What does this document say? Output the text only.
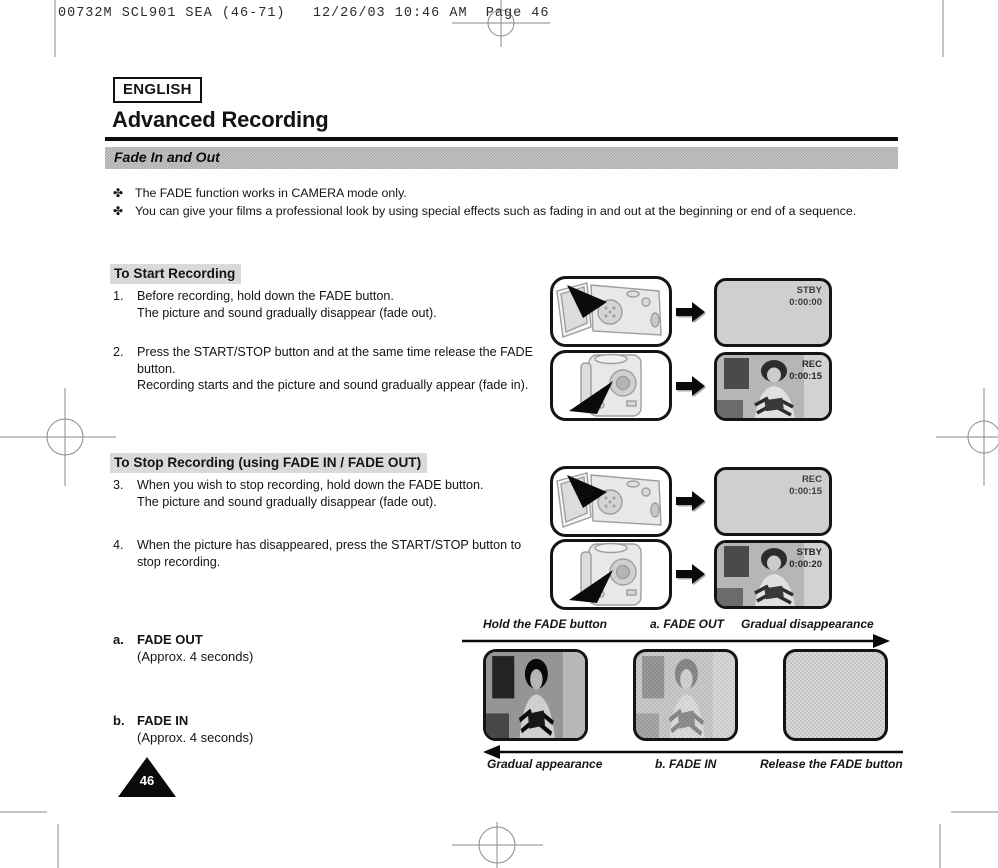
00732M SCL901 SEA (46-71)   12/26/03 10:46 AM  Page 46
ENGLISH
Advanced Recording
Fade In and Out
✤ The FADE function works in CAMERA mode only.
✤ You can give your films a professional look by using special effects such as fading in and out at the beginning or end of a sequence.
To Start Recording
1.	Before recording, hold down the FADE button.
The picture and sound gradually disappear (fade out).
2.	Press the START/STOP button and at the same time release the FADE
button.
Recording starts and the picture and sound gradually appear (fade in).
To Stop Recording (using FADE IN / FADE OUT)
3.	When you wish to stop recording, hold down the FADE button.
The picture and sound gradually disappear (fade out).
4.	When the picture has disappeared, press the START/STOP button to
stop recording.
a. FADE OUT
(Approx. 4 seconds)
b. FADE IN
(Approx. 4 seconds)
STBY
0:00:00
REC
0:00:15
REC
0:00:15
STBY
0:00:20
Hold the FADE button	a. FADE OUT Gradual disappearance
Gradual appearance	b. FADE IN	Release the FADE button
46
